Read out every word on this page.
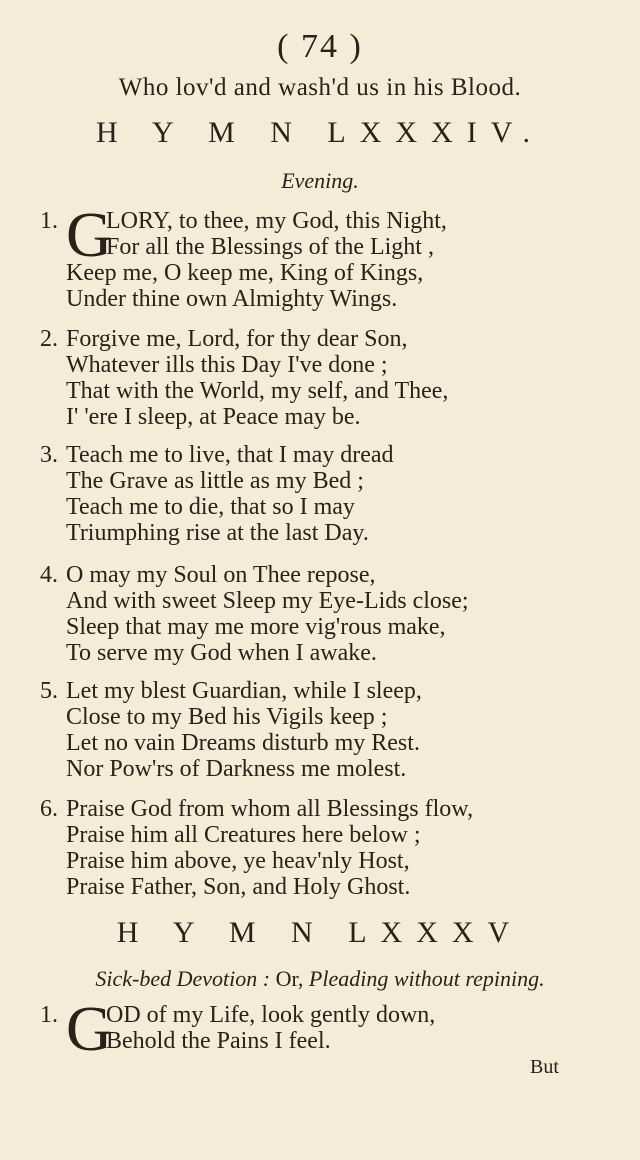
( 74 )
Who lov'd and wash'd us in his Blood.
H Y M N LXXXIV.
Evening.
1. G
LORY, to thee, my God, this Night,
For all the Blessings of the Light ,
Keep me, O keep me, King of Kings,
Under thine own Almighty Wings.
2. Forgive me, Lord, for thy dear Son,
Whatever ills this Day I've done ;
That with the World, my self, and Thee,
I' 'ere I sleep, at Peace may be.
3. Teach me to live, that I may dread
The Grave as little as my Bed ;
Teach me to die, that so I may
Triumphing rise at the last Day.
4. O may my Soul on Thee repose,
And with sweet Sleep my Eye-Lids close;
Sleep that may me more vig'rous make,
To serve my God when I awake.
5. Let my blest Guardian, while I sleep,
Close to my Bed his Vigils keep ;
Let no vain Dreams disturb my Rest.
Nor Pow'rs of Darkness me molest.
6. Praise God from whom all Blessings flow,
Praise him all Creatures here below ;
Praise him above, ye heav'nly Host,
Praise Father, Son, and Holy Ghost.
H Y M N LXXXV
Sick-bed Devotion : Or, Pleading without repining.
1. G
OD of my Life, look gently down,
Behold the Pains I feel.
But
